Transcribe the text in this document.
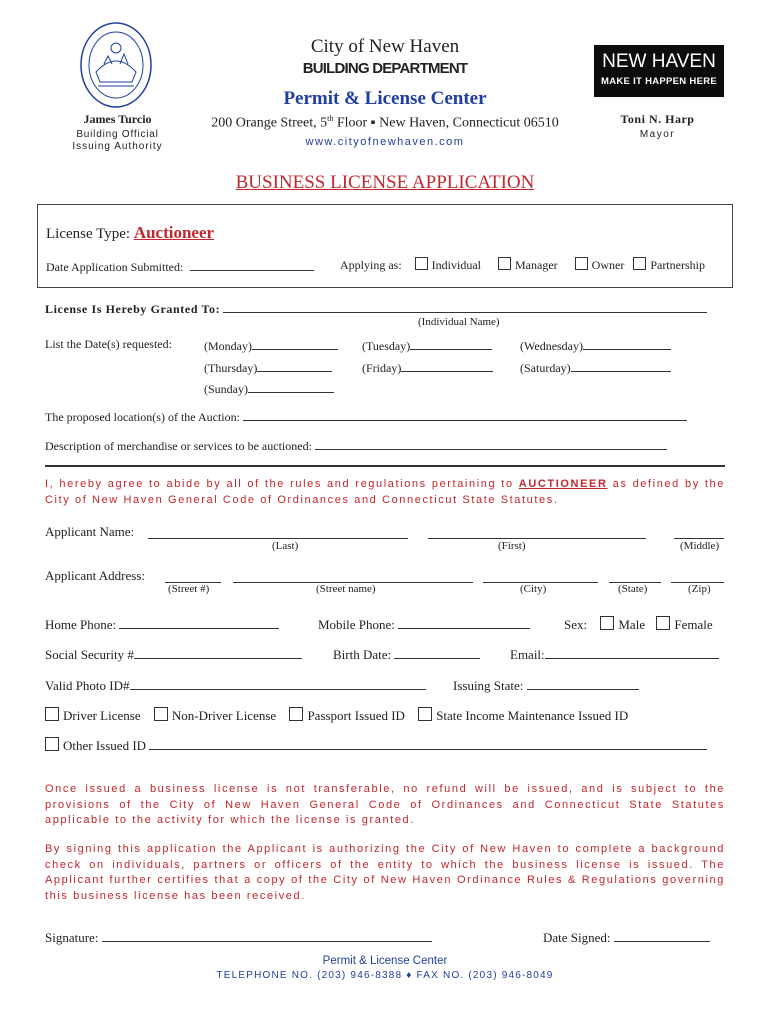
City of New Haven
BUILDING DEPARTMENT
Permit & License Center
200 Orange Street, 5th Floor ▪ New Haven, Connecticut 06510
www.cityofnewhaven.com
James Turcio
Building Official
Issuing Authority
NEW HAVEN
MAKE IT HAPPEN HERE
Toni N. Harp
Mayor
BUSINESS LICENSE APPLICATION
License Type: Auctioneer
Date Application Submitted:	Applying as:	Individual	Manager	Owner Partnership
License Is Hereby Granted To:
(Individual Name)
List the Date(s) requested:	(Monday)	(Tuesday)	(Wednesday)
(Thursday)	(Friday)	(Saturday)
(Sunday)
The proposed location(s) of the Auction:
Description of merchandise or services to be auctioned:
I, hereby agree to abide by all of the rules and regulations pertaining to AUCTIONEER as defined by the City of New Haven General Code of Ordinances and Connecticut State Statutes.
Applicant Name:
(Last)	(First)	(Middle)
Applicant Address:
(Street #)	(Street name)	(City)	(State)	(Zip)
Home Phone:	Mobile Phone:	Sex: Male Female
Social Security #	Birth Date:	Email:
Valid Photo ID#	Issuing State:
Driver License Non-Driver License Passport Issued ID State Income Maintenance Issued ID
Other Issued ID
Once issued a business license is not transferable, no refund will be issued, and is subject to the provisions of the City of New Haven General Code of Ordinances and Connecticut State Statutes applicable to the activity for which the license is granted.
By signing this application the Applicant is authorizing the City of New Haven to complete a background check on individuals, partners or officers of the entity to which the business license is issued. The Applicant further certifies that a copy of the City of New Haven Ordinance Rules & Regulations governing this business license has been received.
Signature:	Date Signed:
Permit & License Center
TELEPHONE NO. (203) 946-8388 ♦ FAX NO. (203) 946-8049
